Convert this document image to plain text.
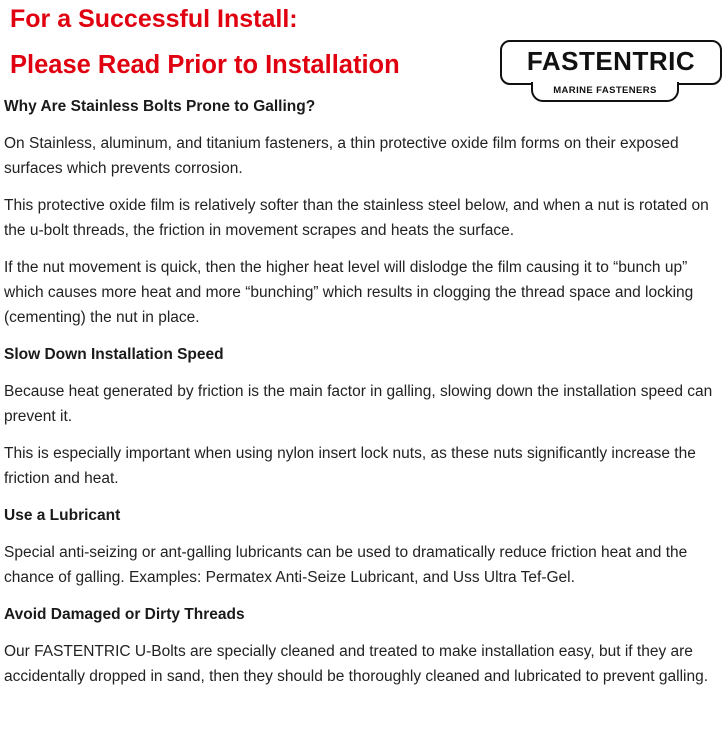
For a Successful Install:
Please Read Prior to Installation	FASTENTRIC
MARINE FASTENERS
Why Are Stainless Bolts Prone to Galling?

On Stainless, aluminum, and titanium fasteners, a thin protective oxide film forms on their exposed surfaces which prevents corrosion.

This protective oxide film is relatively softer than the stainless steel below, and when a nut is rotated on the u-bolt threads, the friction in movement scrapes and heats the surface.

If the nut movement is quick, then the higher heat level will dislodge the film causing it to “bunch up” which causes more heat and more “bunching” which results in clogging the thread space and locking (cementing) the nut in place.

Slow Down Installation Speed

Because heat generated by friction is the main factor in galling, slowing down the installation speed can prevent it.

This is especially important when using nylon insert lock nuts, as these nuts significantly increase the friction and heat.

Use a Lubricant

Special anti-seizing or ant-galling lubricants can be used to dramatically reduce friction heat and the chance of galling. Examples: Permatex Anti-Seize Lubricant, and Uss Ultra Tef-Gel.

Avoid Damaged or Dirty Threads

Our FASTENTRIC U-Bolts are specially cleaned and treated to make installation easy, but if they are accidentally dropped in sand, then they should be thoroughly cleaned and lubricated to prevent galling.
